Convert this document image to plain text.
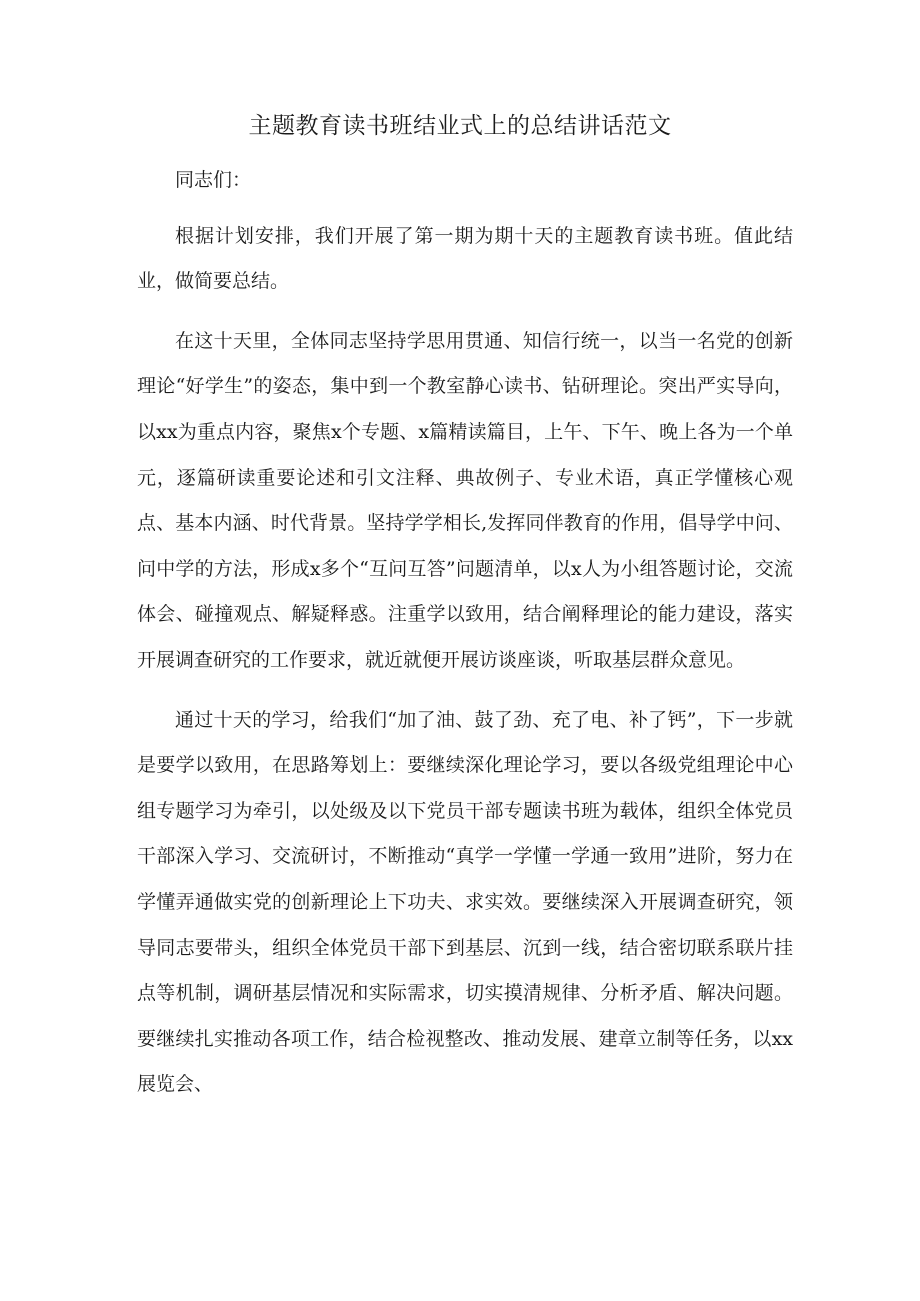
主题教育读书班结业式上的总结讲话范文

同志们：

根据计划安排，我们开展了第一期为期十天的主题教育读书班。值此结业，做简要总结。

在这十天里，全体同志坚持学思用贯通、知信行统一，以当一名党的创新理论“好学生”的姿态，集中到一个教室静心读书、钻研理论。突出严实导向，以xx为重点内容，聚焦x个专题、x篇精读篇目，上午、下午、晚上各为一个单元，逐篇研读重要论述和引文注释、典故例子、专业术语，真正学懂核心观点、基本内涵、时代背景。坚持学学相长,发挥同伴教育的作用，倡导学中问、问中学的方法，形成x多个“互问互答”问题清单，以x人为小组答题讨论，交流体会、碰撞观点、解疑释惑。注重学以致用，结合阐释理论的能力建设，落实开展调查研究的工作要求，就近就便开展访谈座谈，听取基层群众意见。

通过十天的学习，给我们“加了油、鼓了劲、充了电、补了钙”，下一步就是要学以致用，在思路筹划上：要继续深化理论学习，要以各级党组理论中心组专题学习为牵引，以处级及以下党员干部专题读书班为载体，组织全体党员干部深入学习、交流研讨，不断推动“真学一学懂一学通一致用”进阶，努力在学懂弄通做实党的创新理论上下功夫、求实效。要继续深入开展调查研究，领导同志要带头，组织全体党员干部下到基层、沉到一线，结合密切联系联片挂点等机制，调研基层情况和实际需求，切实摸清规律、分析矛盾、解决问题。要继续扎实推动各项工作，结合检视整改、推动发展、建章立制等任务，以xx展览会、
